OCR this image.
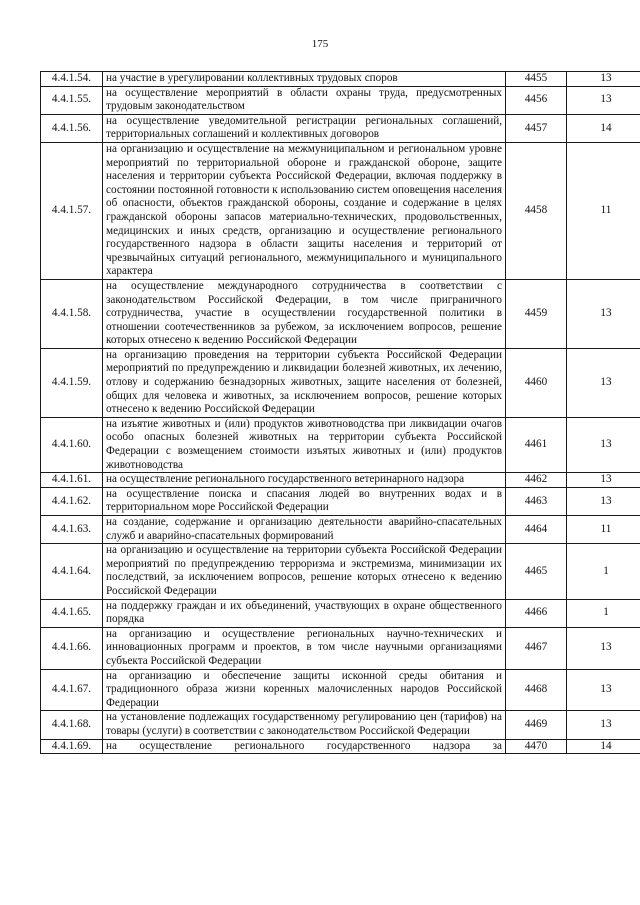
175
4.4.1.54.	на участие в урегулировании коллективных трудовых споров	4455	13
4.4.1.55.	на осуществление мероприятий в области охраны труда, предусмотренных трудовым законодательством	4456	13
4.4.1.56.	на осуществление уведомительной регистрации региональных соглашений, территориальных соглашений и коллективных договоров	4457	14
4.4.1.57.	на организацию и осуществление на межмуниципальном и региональном уровне мероприятий по территориальной обороне и гражданской обороне, защите населения и территории субъекта Российской Федерации, включая поддержку в состоянии постоянной готовности к использованию систем оповещения населения об опасности, объектов гражданской обороны, создание и содержание в целях гражданской обороны запасов материально-технических, продовольственных, медицинских и иных средств, организацию и осуществление регионального государственного надзора в области защиты населения и территорий от чрезвычайных ситуаций регионального, межмуниципального и муниципального характера	4458	11
4.4.1.58.	на осуществление международного сотрудничества в соответствии с законодательством Российской Федерации, в том числе приграничного сотрудничества, участие в осуществлении государственной политики в отношении соотечественников за рубежом, за исключением вопросов, решение которых отнесено к ведению Российской Федерации	4459	13
4.4.1.59.	на организацию проведения на территории субъекта Российской Федерации мероприятий по предупреждению и ликвидации болезней животных, их лечению, отлову и содержанию безнадзорных животных, защите населения от болезней, общих для человека и животных, за исключением вопросов, решение которых отнесено к ведению Российской Федерации	4460	13
4.4.1.60.	на изъятие животных и (или) продуктов животноводства при ликвидации очагов особо опасных болезней животных на территории субъекта Российской Федерации с возмещением стоимости изъятых животных и (или) продуктов животноводства	4461	13
4.4.1.61.	на осуществление регионального государственного ветеринарного надзора	4462	13
4.4.1.62.	на осуществление поиска и спасания людей во внутренних водах и в территориальном море Российской Федерации	4463	13
4.4.1.63.	на создание, содержание и организацию деятельности аварийно-спасательных служб и аварийно-спасательных формирований	4464	11
4.4.1.64.	на организацию и осуществление на территории субъекта Российской Федерации мероприятий по предупреждению терроризма и экстремизма, минимизации их последствий, за исключением вопросов, решение которых отнесено к ведению Российской Федерации	4465	1
4.4.1.65.	на поддержку граждан и их объединений, участвующих в охране общественного порядка	4466	1
4.4.1.66.	на организацию и осуществление региональных научно-технических и инновационных программ и проектов, в том числе научными организациями субъекта Российской Федерации	4467	13
4.4.1.67.	на организацию и обеспечение защиты исконной среды обитания и традиционного образа жизни коренных малочисленных народов Российской Федерации	4468	13
4.4.1.68.	на установление подлежащих государственному регулированию цен (тарифов) на товары (услуги) в соответствии с законодательством Российской Федерации	4469	13
4.4.1.69.	на осуществление регионального государственного надзора за	4470	14
